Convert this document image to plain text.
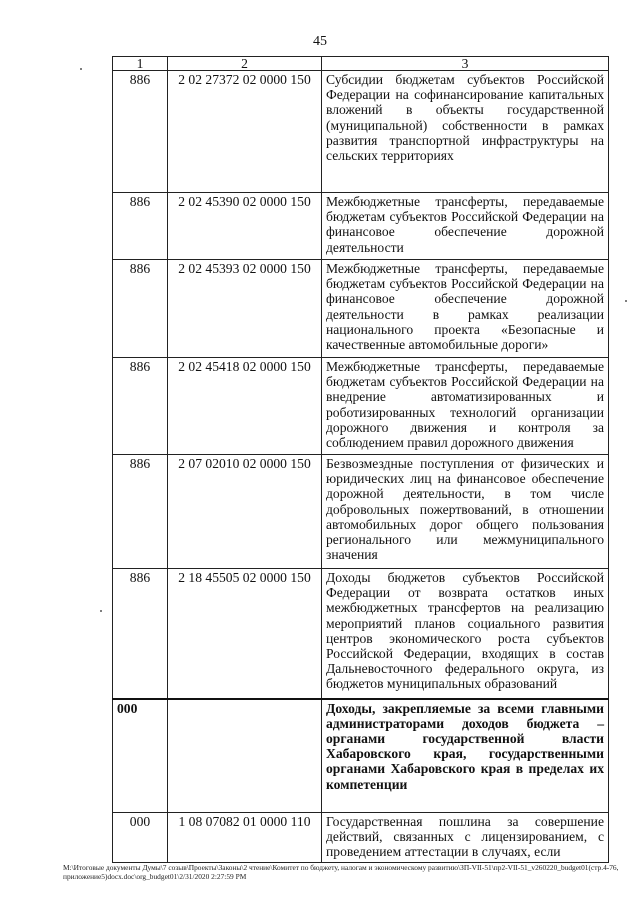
45
1	2	3
886	2 02 27372 02 0000 150	Субсидии бюджетам субъектов Российской Федерации на софинансирование капитальных вложений в объекты государственной (муниципальной) собственности в рамках развития транспортной инфраструктуры на сельских территориях
886	2 02 45390 02 0000 150	Межбюджетные трансферты, передаваемые бюджетам субъектов Российской Федерации на финансовое обеспечение дорожной деятельности
886	2 02 45393 02 0000 150	Межбюджетные трансферты, передаваемые бюджетам субъектов Российской Федерации на финансовое обеспечение дорожной деятельности в рамках реализации национального проекта «Безопасные и качественные автомобильные дороги»
886	2 02 45418 02 0000 150	Межбюджетные трансферты, передаваемые бюджетам субъектов Российской Федерации на внедрение автоматизированных и роботизированных технологий организации дорожного движения и контроля за соблюдением правил дорожного движения
886	2 07 02010 02 0000 150	Безвозмездные поступления от физических и юридических лиц на финансовое обеспечение дорожной деятельности, в том числе добровольных пожертвований, в отношении автомобильных дорог общего пользования регионального или межмуниципального значения
886	2 18 45505 02 0000 150	Доходы бюджетов субъектов Российской Федерации от возврата остатков иных межбюджетных трансфертов на реализацию мероприятий планов социального развития центров экономического роста субъектов Российской Федерации, входящих в состав Дальневосточного федерального округа, из бюджетов муниципальных образований
000		Доходы, закрепляемые за всеми главными администраторами доходов бюджета – органами государственной власти Хабаровского края, государственными органами Хабаровского края в пределах их компетенции
000	1 08 07082 01 0000 110	Государственная пошлина за совершение действий, связанных с лицензированием, с проведением аттестации в случаях, если
М:\Итоговые документы Думы\7 созыв\Проекты\Законы\2 чтение\Комитет по бюджету, налогам и экономическому развитию\ЗП-VII-51\пр2-VII-51_v260220_budget01(стр.4-76, приложение5)docx.doc\org_budget01\2/31/2020 2:27:59 PM
